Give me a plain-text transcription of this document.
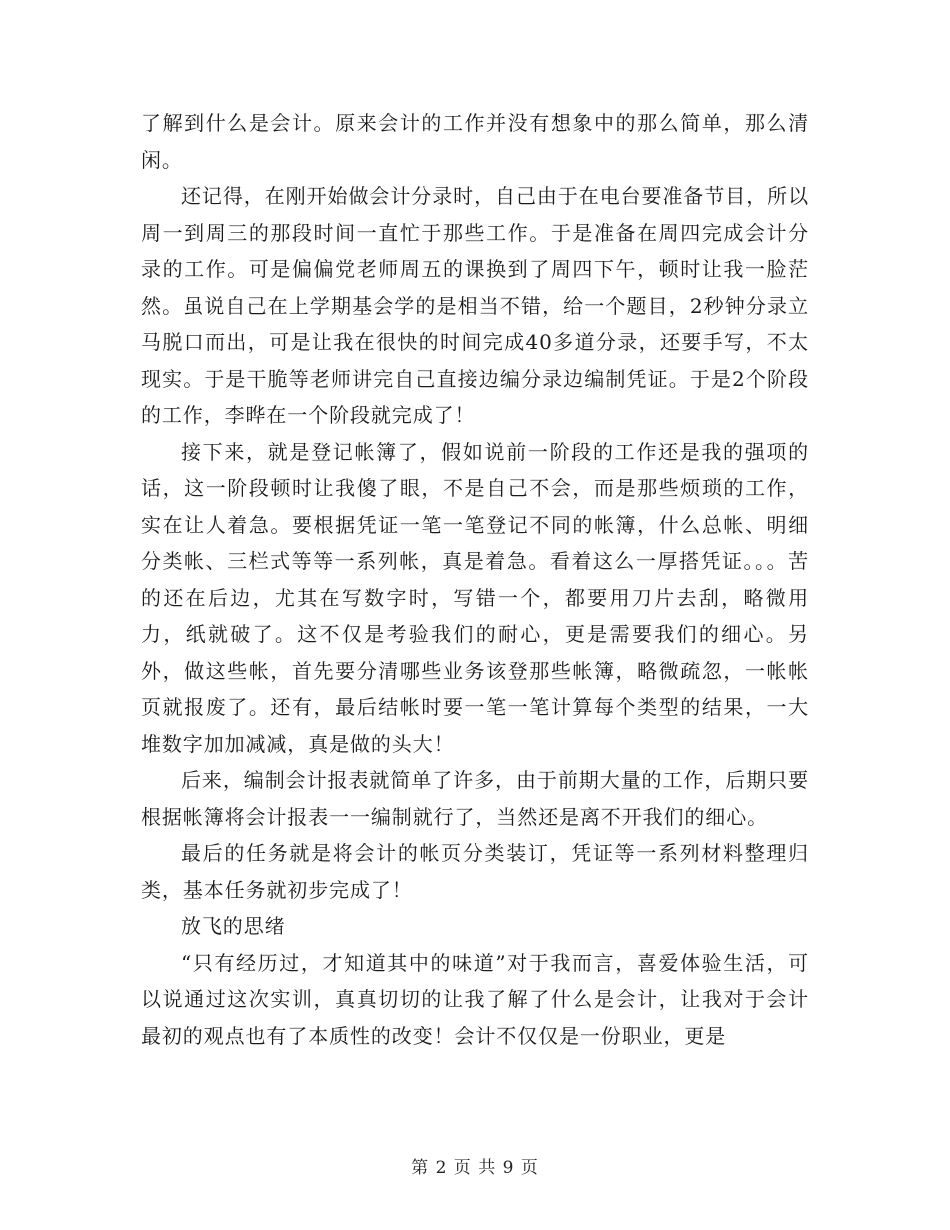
了解到什么是会计。原来会计的工作并没有想象中的那么简单，那么清闲。

还记得，在刚开始做会计分录时，自己由于在电台要准备节目，所以周一到周三的那段时间一直忙于那些工作。于是准备在周四完成会计分录的工作。可是偏偏党老师周五的课换到了周四下午，顿时让我一脸茫然。虽说自己在上学期基会学的是相当不错，给一个题目，2秒钟分录立马脱口而出，可是让我在很快的时间完成40多道分录，还要手写，不太现实。于是干脆等老师讲完自己直接边编分录边编制凭证。于是2个阶段的工作，李晔在一个阶段就完成了！

接下来，就是登记帐簿了，假如说前一阶段的工作还是我的强项的话，这一阶段顿时让我傻了眼，不是自己不会，而是那些烦琐的工作，实在让人着急。要根据凭证一笔一笔登记不同的帐簿，什么总帐、明细分类帐、三栏式等等一系列帐，真是着急。看着这么一厚搭凭证。。。苦的还在后边，尤其在写数字时，写错一个，都要用刀片去刮，略微用力，纸就破了。这不仅是考验我们的耐心，更是需要我们的细心。另外，做这些帐，首先要分清哪些业务该登那些帐簿，略微疏忽，一帐帐页就报废了。还有，最后结帐时要一笔一笔计算每个类型的结果，一大堆数字加加减减，真是做的头大！

后来，编制会计报表就简单了许多，由于前期大量的工作，后期只要根据帐簿将会计报表一一编制就行了，当然还是离不开我们的细心。

最后的任务就是将会计的帐页分类装订，凭证等一系列材料整理归类，基本任务就初步完成了！

放飞的思绪

“只有经历过，才知道其中的味道”对于我而言，喜爱体验生活，可以说通过这次实训，真真切切的让我了解了什么是会计，让我对于会计最初的观点也有了本质性的改变！会计不仅仅是一份职业，更是

第 2 页 共 9 页
